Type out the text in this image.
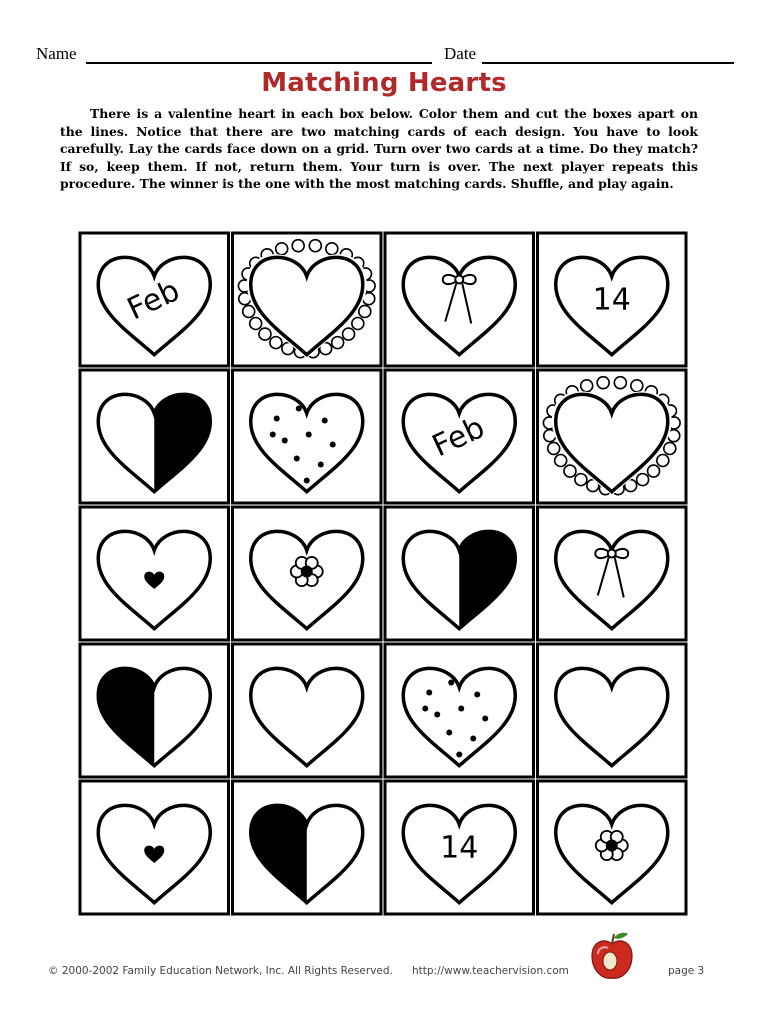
Name	Date
Matching Hearts
There is a valentine heart in each box below. Color them and cut the boxes apart on the lines. Notice that there are two matching cards of each design. You have to look carefully. Lay the cards face down on a grid. Turn over two cards at a time. Do they match? If so, keep them. If not, return them. Your turn is over. The next player repeats this procedure. The winner is the one with the most matching cards. Shuffle, and play again.
Feb	14
Feb
14
© 2000-2002 Family Education Network, Inc. All Rights Reserved. http://www.teachervision.com	page 3
